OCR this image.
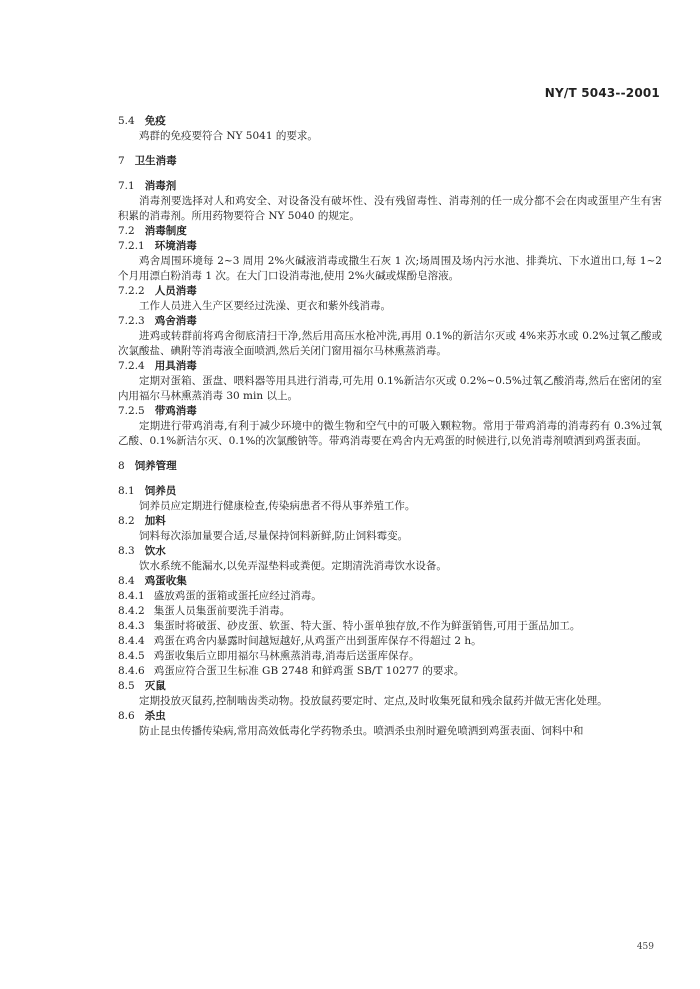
NY/T 5043--2001
5.4 免疫

鸡群的免疫要符合 NY 5041 的要求。

7 卫生消毒
7.1 消毒剂

消毒剂要选择对人和鸡安全、对设备没有破坏性、没有残留毒性、消毒剂的任一成分都不会在肉或蛋里产生有害积累的消毒剂。所用药物要符合 NY 5040 的规定。

7.2 消毒制度
7.2.1 环境消毒

鸡舍周围环境每 2~3 周用 2%火碱液消毒或撒生石灰 1 次;场周围及场内污水池、排粪坑、下水道出口,每 1~2 个月用漂白粉消毒 1 次。在大门口设消毒池,使用 2%火碱或煤酚皂溶液。

7.2.2 人员消毒

工作人员进入生产区要经过洗澡、更衣和紫外线消毒。

7.2.3 鸡舍消毒

进鸡或转群前将鸡舍彻底清扫干净,然后用高压水枪冲洗,再用 0.1%的新洁尔灭或 4%来苏水或 0.2%过氧乙酸或次氯酸盐、碘附等消毒液全面喷洒,然后关闭门窗用福尔马林熏蒸消毒。

7.2.4 用具消毒

定期对蛋箱、蛋盘、喂料器等用具进行消毒,可先用 0.1%新洁尔灭或 0.2%~0.5%过氧乙酸消毒,然后在密闭的室内用福尔马林熏蒸消毒 30 min 以上。

7.2.5 带鸡消毒

定期进行带鸡消毒,有利于减少环境中的微生物和空气中的可吸入颗粒物。常用于带鸡消毒的消毒药有 0.3%过氧乙酸、0.1%新洁尔灭、0.1%的次氯酸钠等。带鸡消毒要在鸡舍内无鸡蛋的时候进行,以免消毒剂喷洒到鸡蛋表面。

8 饲养管理
8.1 饲养员

饲养员应定期进行健康检查,传染病患者不得从事养殖工作。

8.2 加料

饲料每次添加量要合适,尽量保持饲料新鲜,防止饲料霉变。

8.3 饮水

饮水系统不能漏水,以免弄湿垫料或粪便。定期清洗消毒饮水设备。

8.4 鸡蛋收集

8.4.1 盛放鸡蛋的蛋箱或蛋托应经过消毒。

8.4.2 集蛋人员集蛋前要洗手消毒。

8.4.3 集蛋时将破蛋、砂皮蛋、软蛋、特大蛋、特小蛋单独存放,不作为鲜蛋销售,可用于蛋品加工。

8.4.4 鸡蛋在鸡舍内暴露时间越短越好,从鸡蛋产出到蛋库保存不得超过 2 h。

8.4.5 鸡蛋收集后立即用福尔马林熏蒸消毒,消毒后送蛋库保存。

8.4.6 鸡蛋应符合蛋卫生标准 GB 2748 和鲜鸡蛋 SB/T 10277 的要求。

8.5 灭鼠

定期投放灭鼠药,控制啮齿类动物。投放鼠药要定时、定点,及时收集死鼠和残余鼠药并做无害化处理。

8.6 杀虫

防止昆虫传播传染病,常用高效低毒化学药物杀虫。喷洒杀虫剂时避免喷洒到鸡蛋表面、饲料中和

459
